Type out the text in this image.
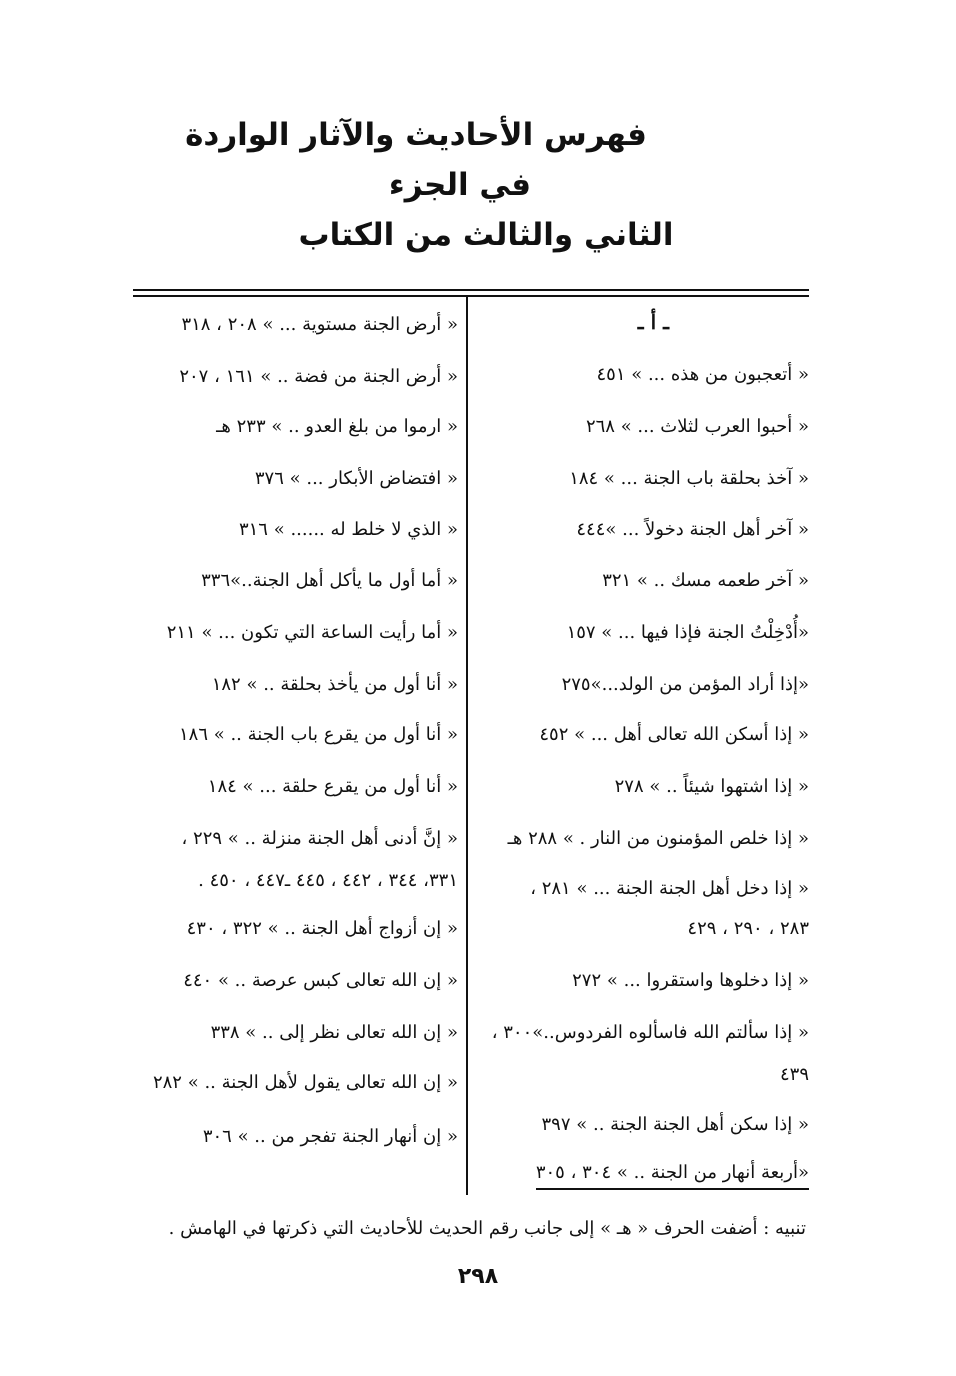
فهرس الأحاديث والآثار الواردة
في الجزء
الثاني والثالث من الكتاب
ـ أ ـ
« أتعجبون من هذه ... » ٤٥١
« أحبوا العرب لثلاث ... » ٢٦٨
« آخذ بحلقة باب الجنة ... » ١٨٤
« آخر أهل الجنة دخولاً ... »٤٤٤
« آخر طعمه مسك .. » ٣٢١
«أُدْخِلْتُ الجنة فإذا فيها ... » ١٥٧
«إذا أراد المؤمن من الولد...»٢٧٥
« إذا أسكن الله تعالى أهل ... » ٤٥٢
« إذا اشتهوا شيئاً .. » ٢٧٨
« إذا خلص المؤمنون من النار . » ٢٨٨ هـ
« إذا دخل أهل الجنة الجنة ... » ٢٨١ ،
٢٨٣ ، ٢٩٠ ، ٤٢٩
« إذا دخلوها واستقروا ... » ٢٧٢
« إذا سألتم الله فاسألوه الفردوس..»٣٠٠ ،
٤٣٩
« إذا سكن أهل الجنة الجنة .. » ٣٩٧
«أربعة أنهار من الجنة .. » ٣٠٤ ، ٣٠٥
« أرض الجنة مستوية ... » ٢٠٨ ، ٣١٨
« أرض الجنة من فضة .. » ١٦١ ، ٢٠٧
« ارموا من بلغ العدو .. » ٢٣٣ هـ
« افتضاض الأبكار ... » ٣٧٦
« الذي لا خلط له ...... » ٣١٦
« أما أول ما يأكل أهل الجنة..»٣٣٦
« أما رأيت الساعة التي تكون ... » ٢١١
« أنا أول من يأخذ بحلقة .. » ١٨٢
« أنا أول من يقرع باب الجنة .. » ١٨٦
« أنا أول من يقرع حلقة ... » ١٨٤
« إنَّ أدنى أهل الجنة منزلة .. » ٢٢٩ ،
٣٣١، ٣٤٤ ، ٤٤٢ ، ٤٤٥ ـ٤٤٧ ، ٤٥٠ .
« إن أزواج أهل الجنة .. » ٣٢٢ ، ٤٣٠
« إن الله تعالى كبس عرصة .. » ٤٤٠
« إن الله تعالى نظر إلى .. » ٣٣٨
« إن الله تعالى يقول لأهل الجنة .. » ٢٨٢
« إن أنهار الجنة تفجر من .. » ٣٠٦
تنبيه : أضفت الحرف « هـ » إلى جانب رقم الحديث للأحاديث التي ذكرتها في الهامش .
٢٩٨
